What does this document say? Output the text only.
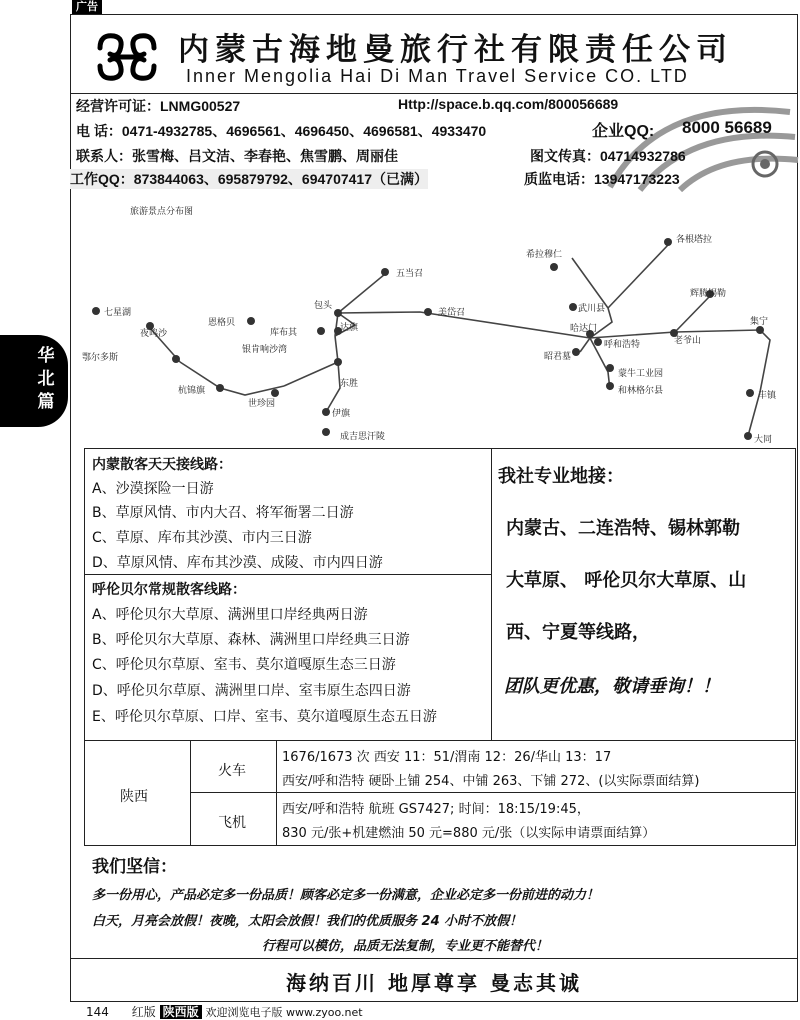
广告
内蒙古海地曼旅行社有限责任公司
Inner Mengolia Hai Di Man Travel Service CO. LTD
经营许可证：LNMG00527	Http://space.b.qq.com/800056689
电 话：0471-4932785、4696561、4696450、4696581、4933470	企业QQ: 8000 56689
联系人：张雪梅、吕文洁、李春艳、焦雪鹏、周丽佳	图文传真：04714932786
工作QQ：873844063、695879792、694707417（已满）	质监电话：13947173223
华
北
篇
旅游景点分布图
七星湖
夜鸣沙
鄂尔多斯
杭锦旗
世珍园
恩格贝
库布其
银肯响沙湾
包头
五当召
达旗
东胜
伊旗
成吉思汗陵
美岱召
希拉穆仁
各根塔拉
武川县
辉腾锡勒
哈达门
呼和浩特
昭君墓
蒙牛工业园
和林格尔县
老爷山
集宁
丰镇
大同
内蒙散客天天接线路：
A、沙漠探险一日游
B、草原风情、市内大召、将军衙署二日游
C、草原、库布其沙漠、市内三日游
D、草原风情、库布其沙漠、成陵、市内四日游
呼伦贝尔常规散客线路：
A、呼伦贝尔大草原、满洲里口岸经典两日游
B、呼伦贝尔大草原、森林、满洲里口岸经典三日游
C、呼伦贝尔草原、室韦、莫尔道嘎原生态三日游
D、呼伦贝尔草原、满洲里口岸、室韦原生态四日游
E、呼伦贝尔草原、口岸、室韦、莫尔道嘎原生态五日游
我社专业地接：
内蒙古、二连浩特、锡林郭勒
大草原、 呼伦贝尔大草原、山
西、宁夏等线路，
团队更优惠，敬请垂询！！
陕西
火车
1676/1673 次 西安 11：51/渭南 12：26/华山 13：17
西安/呼和浩特 硬卧上铺 254、中铺 263、下铺 272、(以实际票面结算)
飞机
西安/呼和浩特 航班 GS7427; 时间：18:15/19:45，
830 元/张+机建燃油 50 元=880 元/张（以实际申请票面结算）
我们坚信：
多一份用心，产品必定多一份品质！顾客必定多一份满意，企业必定多一份前进的动力！
白天，月亮会放假！夜晚，太阳会放假！我们的优质服务 24 小时不放假！
行程可以模仿，品质无法复制，专业更不能替代！
海纳百川 地厚尊享 曼志其诚
144 红版 陕西版 欢迎浏览电子版 www.zyoo.net
